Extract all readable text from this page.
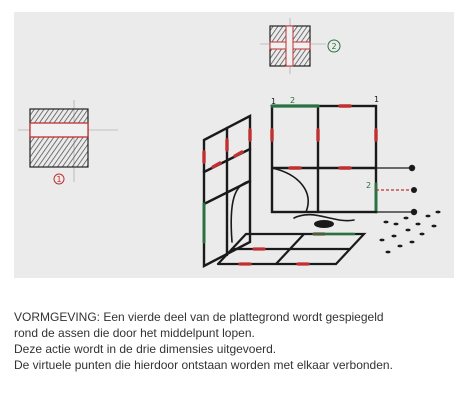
1
2
1 2	1
2
VORMGEVING: Een vierde deel van de plattegrond wordt gespiegeld
rond de assen die door het middelpunt lopen.
Deze actie wordt in de drie dimensies uitgevoerd.
De virtuele punten die hierdoor ontstaan worden met elkaar verbonden.
